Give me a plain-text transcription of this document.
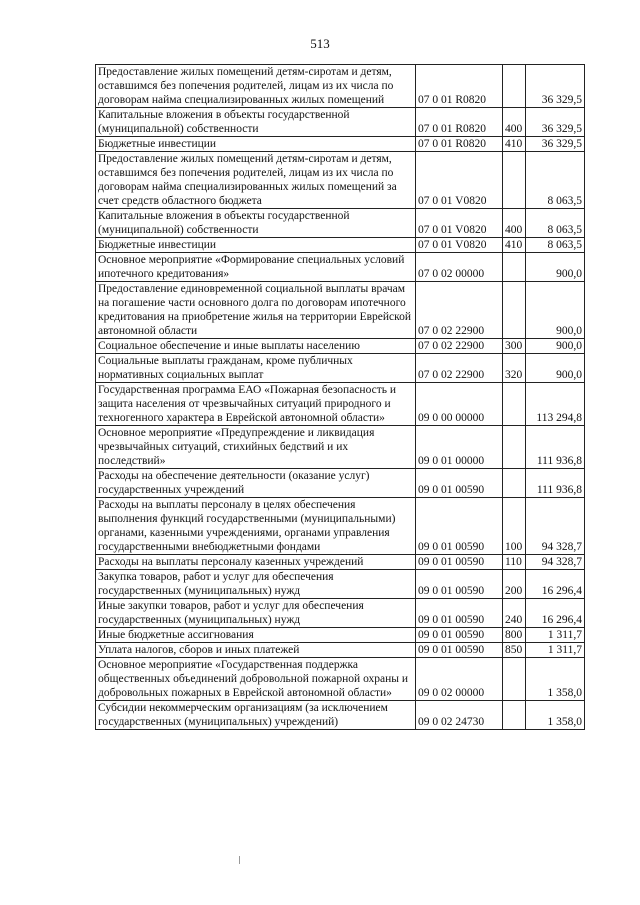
513
Предоставление жилых помещений детям-сиротам и детям, оставшимся без попечения родителей, лицам из их числа по договорам найма специализированных жилых помещений	07 0 01 R0820		36 329,5
Капитальные вложения в объекты государственной (муниципальной) собственности	07 0 01 R0820	400	36 329,5
Бюджетные инвестиции	07 0 01 R0820	410	36 329,5
Предоставление жилых помещений детям-сиротам и детям, оставшимся без попечения родителей, лицам из их числа по договорам найма специализированных жилых помещений за счет средств областного бюджета	07 0 01 V0820		8 063,5
Капитальные вложения в объекты государственной (муниципальной) собственности	07 0 01 V0820	400	8 063,5
Бюджетные инвестиции	07 0 01 V0820	410	8 063,5
Основное мероприятие «Формирование специальных условий ипотечного кредитования»	07 0 02 00000		900,0
Предоставление единовременной социальной выплаты врачам на погашение части основного долга по договорам ипотечного кредитования на приобретение жилья на территории Еврейской автономной области	07 0 02 22900		900,0
Социальное обеспечение и иные выплаты населению	07 0 02 22900	300	900,0
Социальные выплаты гражданам, кроме публичных нормативных социальных выплат	07 0 02 22900	320	900,0
Государственная программа ЕАО «Пожарная безопасность и защита населения от чрезвычайных ситуаций природного и техногенного характера в Еврейской автономной области»	09 0 00 00000		113 294,8
Основное мероприятие «Предупреждение и ликвидация чрезвычайных ситуаций, стихийных бедствий и их последствий»	09 0 01 00000		111 936,8
Расходы на обеспечение деятельности (оказание услуг) государственных учреждений	09 0 01 00590		111 936,8
Расходы на выплаты персоналу в целях обеспечения выполнения функций государственными (муниципальными) органами, казенными учреждениями, органами управления государственными внебюджетными фондами	09 0 01 00590	100	94 328,7
Расходы на выплаты персоналу казенных учреждений	09 0 01 00590	110	94 328,7
Закупка товаров, работ и услуг для обеспечения государственных (муниципальных) нужд	09 0 01 00590	200	16 296,4
Иные закупки товаров, работ и услуг для обеспечения государственных (муниципальных) нужд	09 0 01 00590	240	16 296,4
Иные бюджетные ассигнования	09 0 01 00590	800	1 311,7
Уплата налогов, сборов и иных платежей	09 0 01 00590	850	1 311,7
Основное мероприятие «Государственная поддержка общественных объединений добровольной пожарной охраны и добровольных пожарных в Еврейской автономной области»	09 0 02 00000		1 358,0
Субсидии некоммерческим организациям (за исключением государственных (муниципальных) учреждений)	09 0 02 24730		1 358,0
